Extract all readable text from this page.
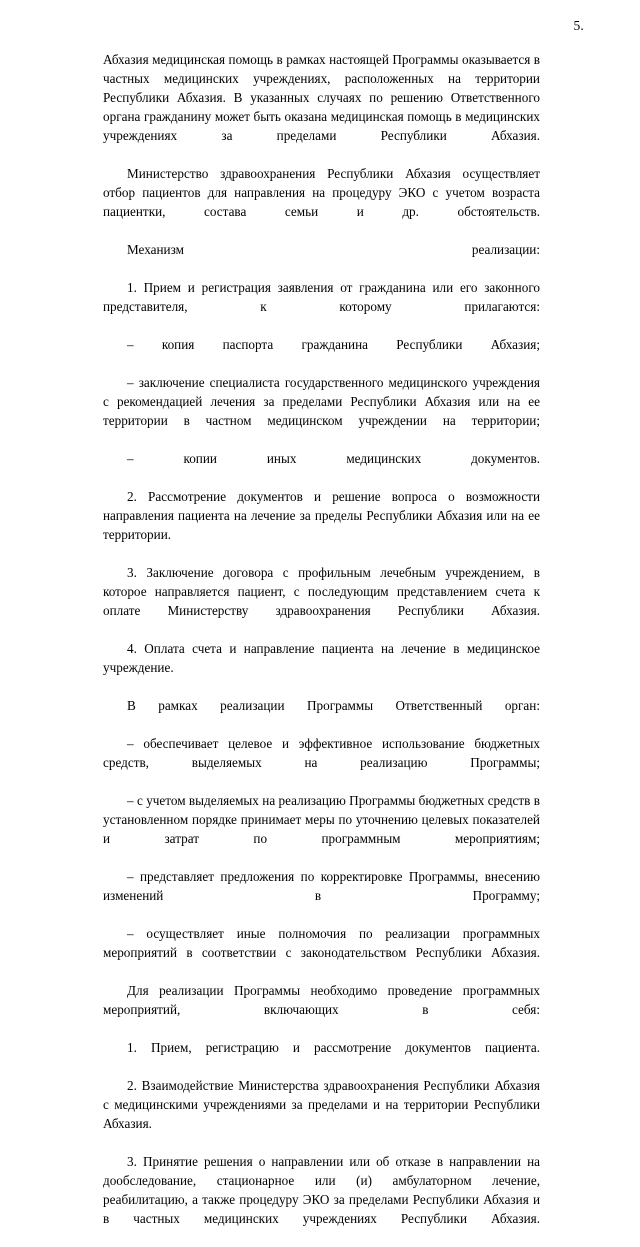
5.

Абхазия медицинская помощь в рамках настоящей Программы оказывается в частных медицинских учреждениях, расположенных на территории Республики Абхазия. В указанных случаях по решению Ответственного органа гражданину может быть оказана медицинская помощь в медицинских учреждениях за пределами Республики Абхазия.

Министерство здравоохранения Республики Абхазия осуществляет отбор пациентов для направления на процедуру ЭКО с учетом возраста пациентки, состава семьи и др. обстоятельств.

Механизм реализации:

1. Прием и регистрация заявления от гражданина или его законного представителя, к которому прилагаются:

– копия паспорта гражданина Республики Абхазия;

– заключение специалиста государственного медицинского учреждения с рекомендацией лечения за пределами Республики Абхазия или на ее территории в частном медицинском учреждении на территории;

– копии иных медицинских документов.

2. Рассмотрение документов и решение вопроса о возможности направления пациента на лечение за пределы Республики Абхазия или на ее территории.

3. Заключение договора с профильным лечебным учреждением, в которое направляется пациент, с последующим представлением счета к оплате Министерству здравоохранения Республики Абхазия.

4. Оплата счета и направление пациента на лечение в медицинское учреждение.

В рамках реализации Программы Ответственный орган:

– обеспечивает целевое и эффективное использование бюджетных средств, выделяемых на реализацию Программы;

– с учетом выделяемых на реализацию Программы бюджетных средств в установленном порядке принимает меры по уточнению целевых показателей и затрат по программным мероприятиям;

– представляет предложения по корректировке Программы, внесению изменений в Программу;

– осуществляет иные полномочия по реализации программных мероприятий в соответствии с законодательством Республики Абхазия.

Для реализации Программы необходимо проведение программных мероприятий, включающих в себя:

1. Прием, регистрацию и рассмотрение документов пациента.

2. Взаимодействие Министерства здравоохранения Республики Абхазия с медицинскими учреждениями за пределами и на территории Республики Абхазия.

3. Принятие решения о направлении или об отказе в направлении на дообследование, стационарное или (и) амбулаторном лечение, реабилитацию, а также процедуру ЭКО за пределами Республики Абхазия и в частных медицинских учреждениях Республики Абхазия.
